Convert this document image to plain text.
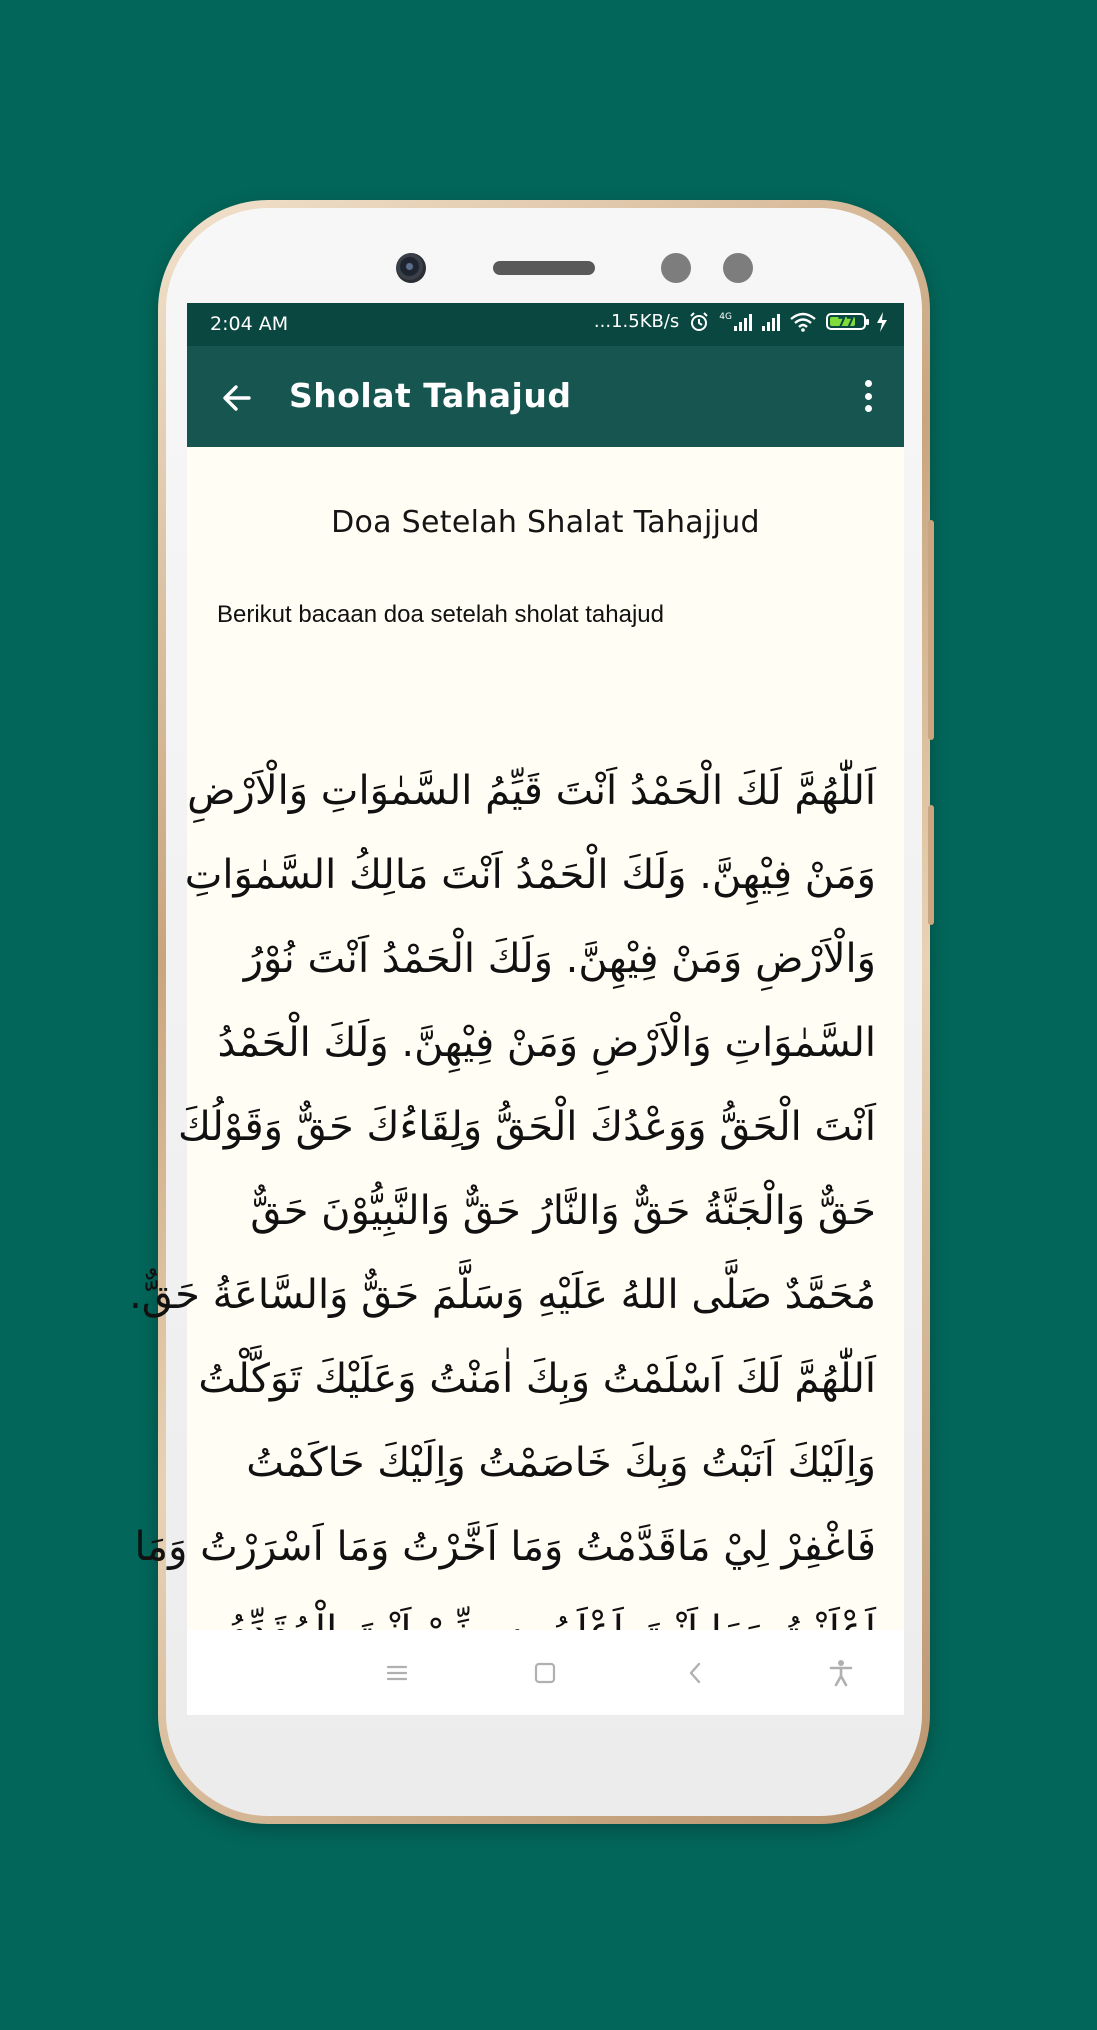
2:04 AM	...1.5KB/s	4G	77
Sholat Tahajud
Doa Setelah Shalat Tahajjud
Berikut bacaan doa setelah sholat tahajud
اَللّٰهُمَّ لَكَ الْحَمْدُ اَنْتَ قَيِّمُ السَّمٰوَاتِ وَالْاَرْضِ
وَمَنْ فِيْهِنَّ. وَلَكَ الْحَمْدُ اَنْتَ مَالِكُ السَّمٰوَاتِ
وَالْاَرْضِ وَمَنْ فِيْهِنَّ. وَلَكَ الْحَمْدُ اَنْتَ نُوْرُ
السَّمٰوَاتِ وَالْاَرْضِ وَمَنْ فِيْهِنَّ. وَلَكَ الْحَمْدُ
اَنْتَ الْحَقُّ وَوَعْدُكَ الْحَقُّ وَلِقَاءُكَ حَقٌّ وَقَوْلُكَ
حَقٌّ وَالْجَنَّةُ حَقٌّ وَالنَّارُ حَقٌّ وَالنَّبِيُّوْنَ حَقٌّ
مُحَمَّدٌ صَلَّى اللهُ عَلَيْهِ وَسَلَّمَ حَقٌّ وَالسَّاعَةُ حَقٌّ.
اَللّٰهُمَّ لَكَ اَسْلَمْتُ وَبِكَ اٰمَنْتُ وَعَلَيْكَ تَوَكَّلْتُ
وَاِلَيْكَ اَنَبْتُ وَبِكَ خَاصَمْتُ وَاِلَيْكَ حَاكَمْتُ
فَاغْفِرْ لِيْ مَاقَدَّمْتُ وَمَا اَخَّرْتُ وَمَا اَسْرَرْتُ وَمَا
